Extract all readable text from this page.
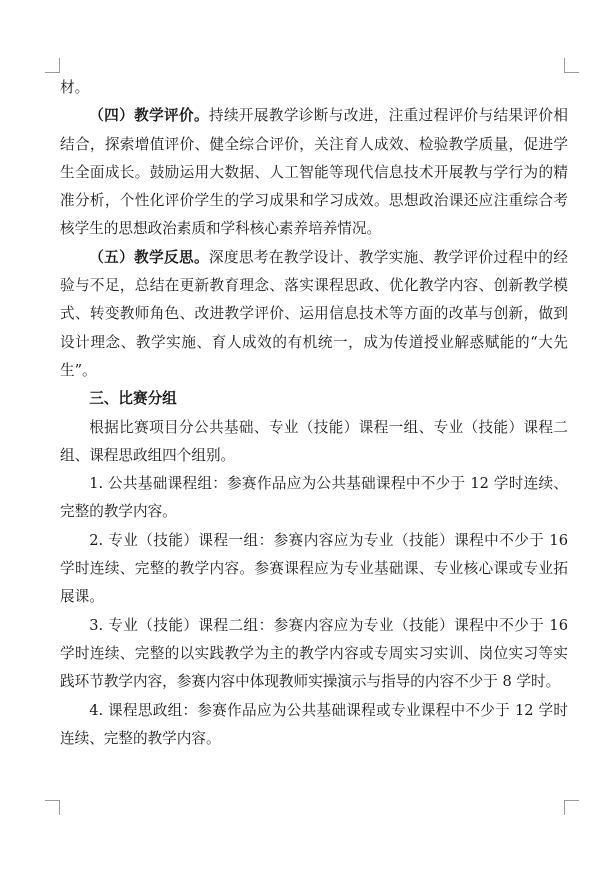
材。

（四）教学评价。持续开展教学诊断与改进，注重过程评价与结果评价相结合，探索增值评价、健全综合评价，关注育人成效、检验教学质量，促进学生全面成长。鼓励运用大数据、人工智能等现代信息技术开展教与学行为的精准分析，个性化评价学生的学习成果和学习成效。思想政治课还应注重综合考核学生的思想政治素质和学科核心素养培养情况。

（五）教学反思。深度思考在教学设计、教学实施、教学评价过程中的经验与不足，总结在更新教育理念、落实课程思政、优化教学内容、创新教学模式、转变教师角色、改进教学评价、运用信息技术等方面的改革与创新，做到设计理念、教学实施、育人成效的有机统一，成为传道授业解惑赋能的“大先生”。

三、比赛分组

根据比赛项目分公共基础、专业（技能）课程一组、专业（技能）课程二组、课程思政组四个组别。

1. 公共基础课程组：参赛作品应为公共基础课程中不少于 12 学时连续、完整的教学内容。

2. 专业（技能）课程一组：参赛内容应为专业（技能）课程中不少于 16 学时连续、完整的教学内容。参赛课程应为专业基础课、专业核心课或专业拓展课。

3. 专业（技能）课程二组：参赛内容应为专业（技能）课程中不少于 16 学时连续、完整的以实践教学为主的教学内容或专周实习实训、岗位实习等实践环节教学内容，参赛内容中体现教师实操演示与指导的内容不少于 8 学时。

4. 课程思政组：参赛作品应为公共基础课程或专业课程中不少于 12 学时连续、完整的教学内容。
